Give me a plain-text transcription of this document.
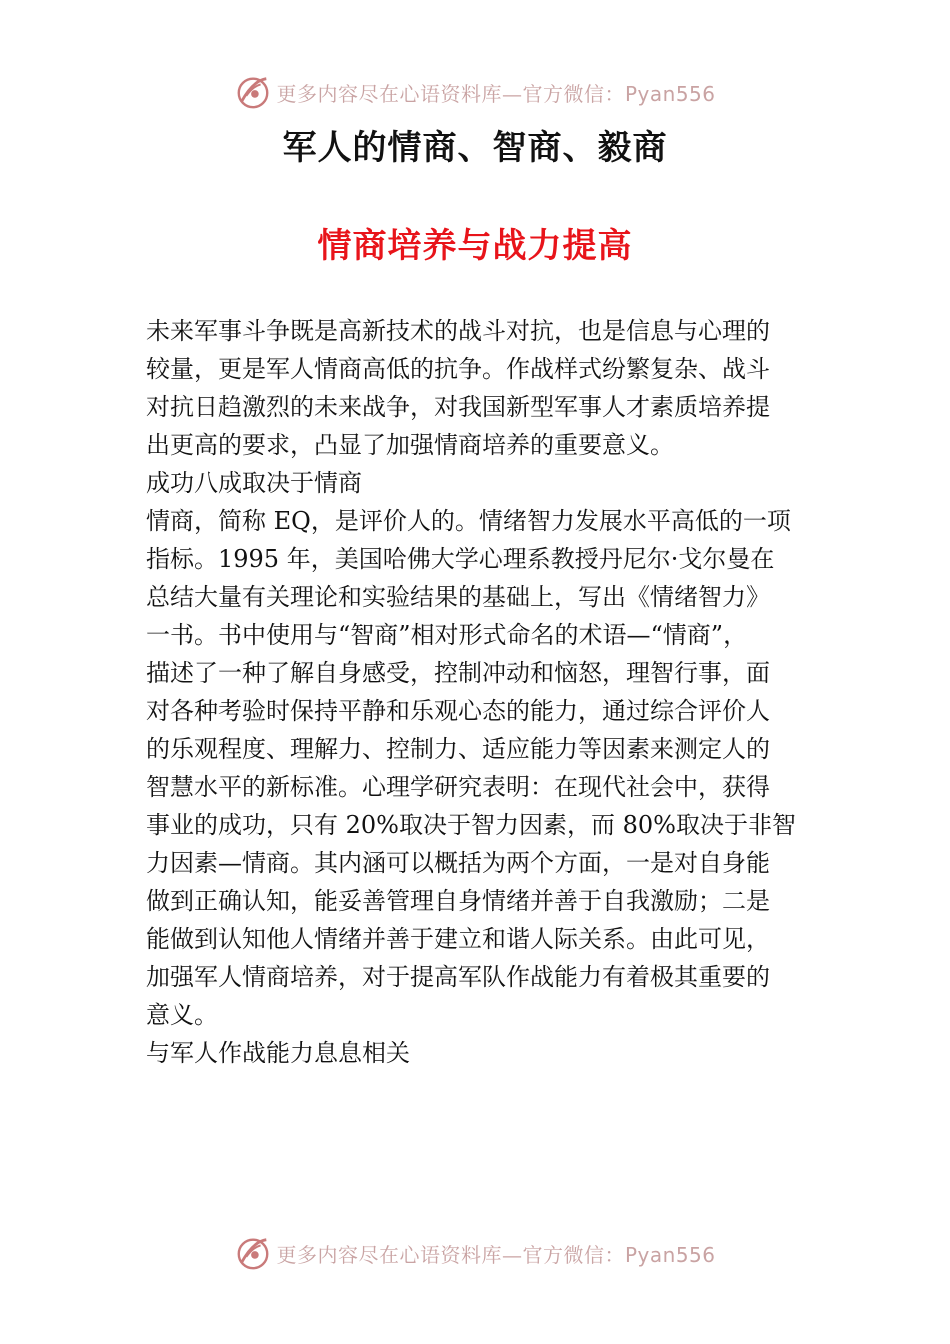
更多内容尽在心语资料库—官方微信：Pyan556
军人的情商、智商、毅商
情商培养与战力提高
未来军事斗争既是高新技术的战斗对抗，也是信息与心理的
较量，更是军人情商高低的抗争。作战样式纷繁复杂、战斗
对抗日趋激烈的未来战争，对我国新型军事人才素质培养提
出更高的要求，凸显了加强情商培养的重要意义。
成功八成取决于情商
情商，简称 EQ，是评价人的。情绪智力发展水平高低的一项
指标。1995 年，美国哈佛大学心理系教授丹尼尔·戈尔曼在
总结大量有关理论和实验结果的基础上，写出《情绪智力》
一书。书中使用与“智商”相对形式命名的术语—“情商”，
描述了一种了解自身感受，控制冲动和恼怒，理智行事，面
对各种考验时保持平静和乐观心态的能力，通过综合评价人
的乐观程度、理解力、控制力、适应能力等因素来测定人的
智慧水平的新标准。心理学研究表明：在现代社会中，获得
事业的成功，只有 20%取决于智力因素，而 80%取决于非智
力因素—情商。其内涵可以概括为两个方面，一是对自身能
做到正确认知，能妥善管理自身情绪并善于自我激励；二是
能做到认知他人情绪并善于建立和谐人际关系。由此可见，
加强军人情商培养，对于提高军队作战能力有着极其重要的
意义。
与军人作战能力息息相关
更多内容尽在心语资料库—官方微信：Pyan556
